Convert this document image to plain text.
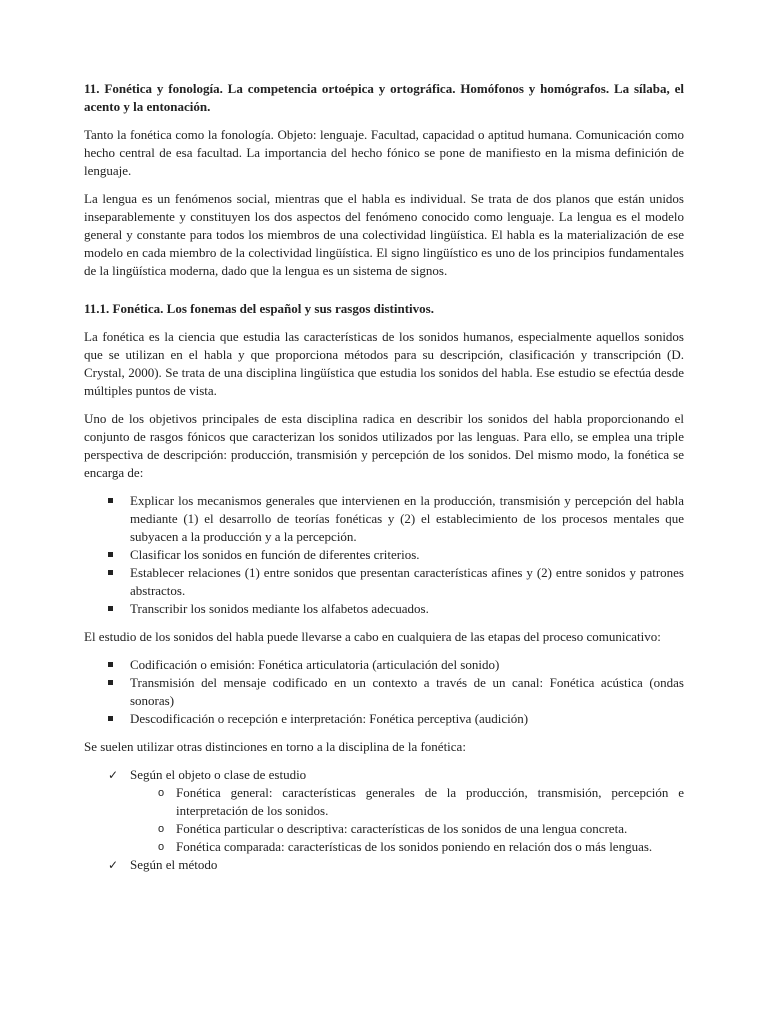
11. Fonética y fonología. La competencia ortoépica y ortográfica. Homófonos y homógrafos. La sílaba, el acento y la entonación.

Tanto la fonética como la fonología. Objeto: lenguaje. Facultad, capacidad o aptitud humana. Comunicación como hecho central de esa facultad. La importancia del hecho fónico se pone de manifiesto en la misma definición de lenguaje.

La lengua es un fenómenos social, mientras que el habla es individual. Se trata de dos planos que están unidos inseparablemente y constituyen los dos aspectos del fenómeno conocido como lenguaje. La lengua es el modelo general y constante para todos los miembros de una colectividad lingüística. El habla es la materialización de ese modelo en cada miembro de la colectividad lingüística. El signo lingüístico es uno de los principios fundamentales de la lingüística moderna, dado que la lengua es un sistema de signos.

11.1. Fonética. Los fonemas del español y sus rasgos distintivos.

La fonética es la ciencia que estudia las características de los sonidos humanos, especialmente aquellos sonidos que se utilizan en el habla y que proporciona métodos para su descripción, clasificación y transcripción (D. Crystal, 2000). Se trata de una disciplina lingüística que estudia los sonidos del habla. Ese estudio se efectúa desde múltiples puntos de vista.

Uno de los objetivos principales de esta disciplina radica en describir los sonidos del habla proporcionando el conjunto de rasgos fónicos que caracterizan los sonidos utilizados por las lenguas. Para ello, se emplea una triple perspectiva de descripción: producción, transmisión y percepción de los sonidos. Del mismo modo, la fonética se encarga de:

Explicar los mecanismos generales que intervienen en la producción, transmisión y percepción del habla mediante (1) el desarrollo de teorías fonéticas y (2) el establecimiento de los procesos mentales que subyacen a la producción y a la percepción.
Clasificar los sonidos en función de diferentes criterios.
Establecer relaciones (1) entre sonidos que presentan características afines y (2) entre sonidos y patrones abstractos.
Transcribir los sonidos mediante los alfabetos adecuados.

El estudio de los sonidos del habla puede llevarse a cabo en cualquiera de las etapas del proceso comunicativo:

Codificación o emisión: Fonética articulatoria (articulación del sonido)
Transmisión del mensaje codificado en un contexto a través de un canal: Fonética acústica (ondas sonoras)
Descodificación o recepción e interpretación: Fonética perceptiva (audición)

Se suelen utilizar otras distinciones en torno a la disciplina de la fonética:

✓ Según el objeto o clase de estudio
o Fonética general: características generales de la producción, transmisión, percepción e interpretación de los sonidos.
o Fonética particular o descriptiva: características de los sonidos de una lengua concreta.
o Fonética comparada: características de los sonidos poniendo en relación dos o más lenguas.
✓ Según el método
